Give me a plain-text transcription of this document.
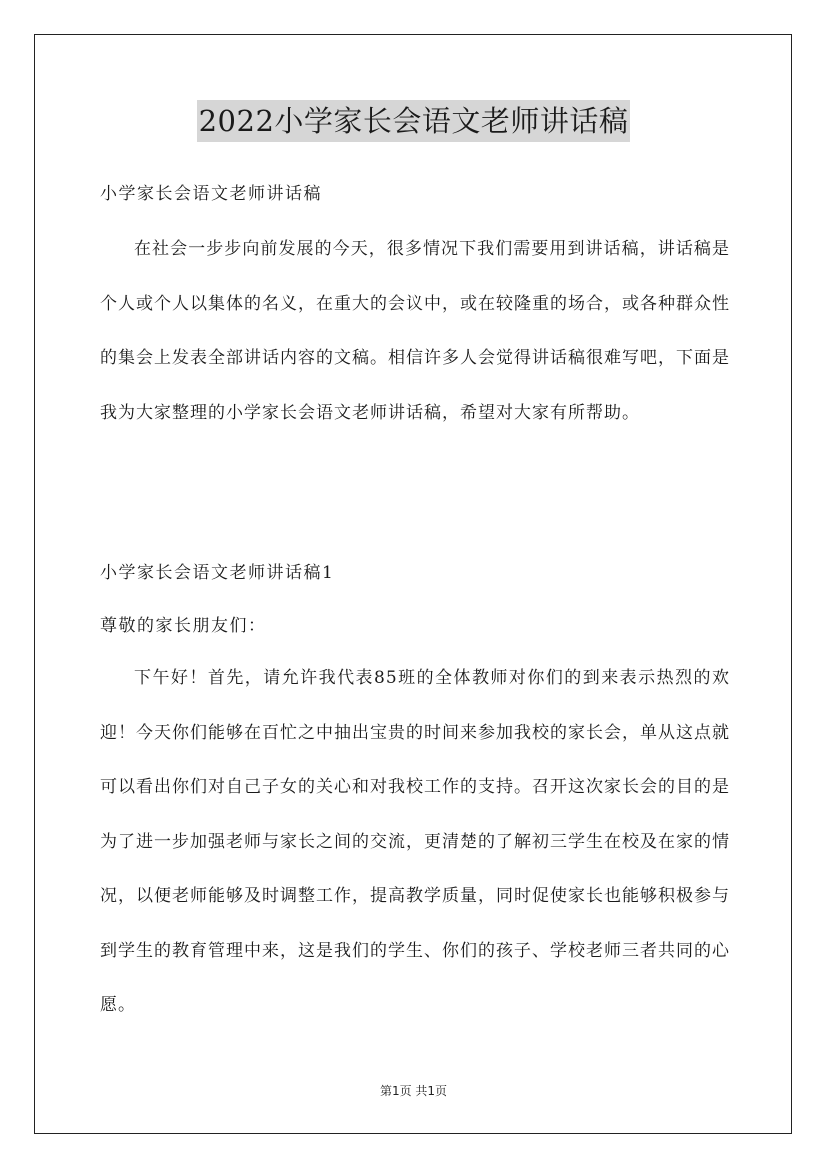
2022小学家长会语文老师讲话稿
小学家长会语文老师讲话稿
在社会一步步向前发展的今天，很多情况下我们需要用到讲话稿，讲话稿是个人或个人以集体的名义，在重大的会议中，或在较隆重的场合，或各种群众性的集会上发表全部讲话内容的文稿。相信许多人会觉得讲话稿很难写吧，下面是我为大家整理的小学家长会语文老师讲话稿，希望对大家有所帮助。
小学家长会语文老师讲话稿1
尊敬的家长朋友们：
下午好！首先，请允许我代表85班的全体教师对你们的到来表示热烈的欢迎！今天你们能够在百忙之中抽出宝贵的时间来参加我校的家长会，单从这点就可以看出你们对自己子女的关心和对我校工作的支持。召开这次家长会的目的是为了进一步加强老师与家长之间的交流，更清楚的了解初三学生在校及在家的情况，以便老师能够及时调整工作，提高教学质量，同时促使家长也能够积极参与到学生的教育管理中来，这是我们的学生、你们的孩子、学校老师三者共同的心愿。
第1页 共1页
